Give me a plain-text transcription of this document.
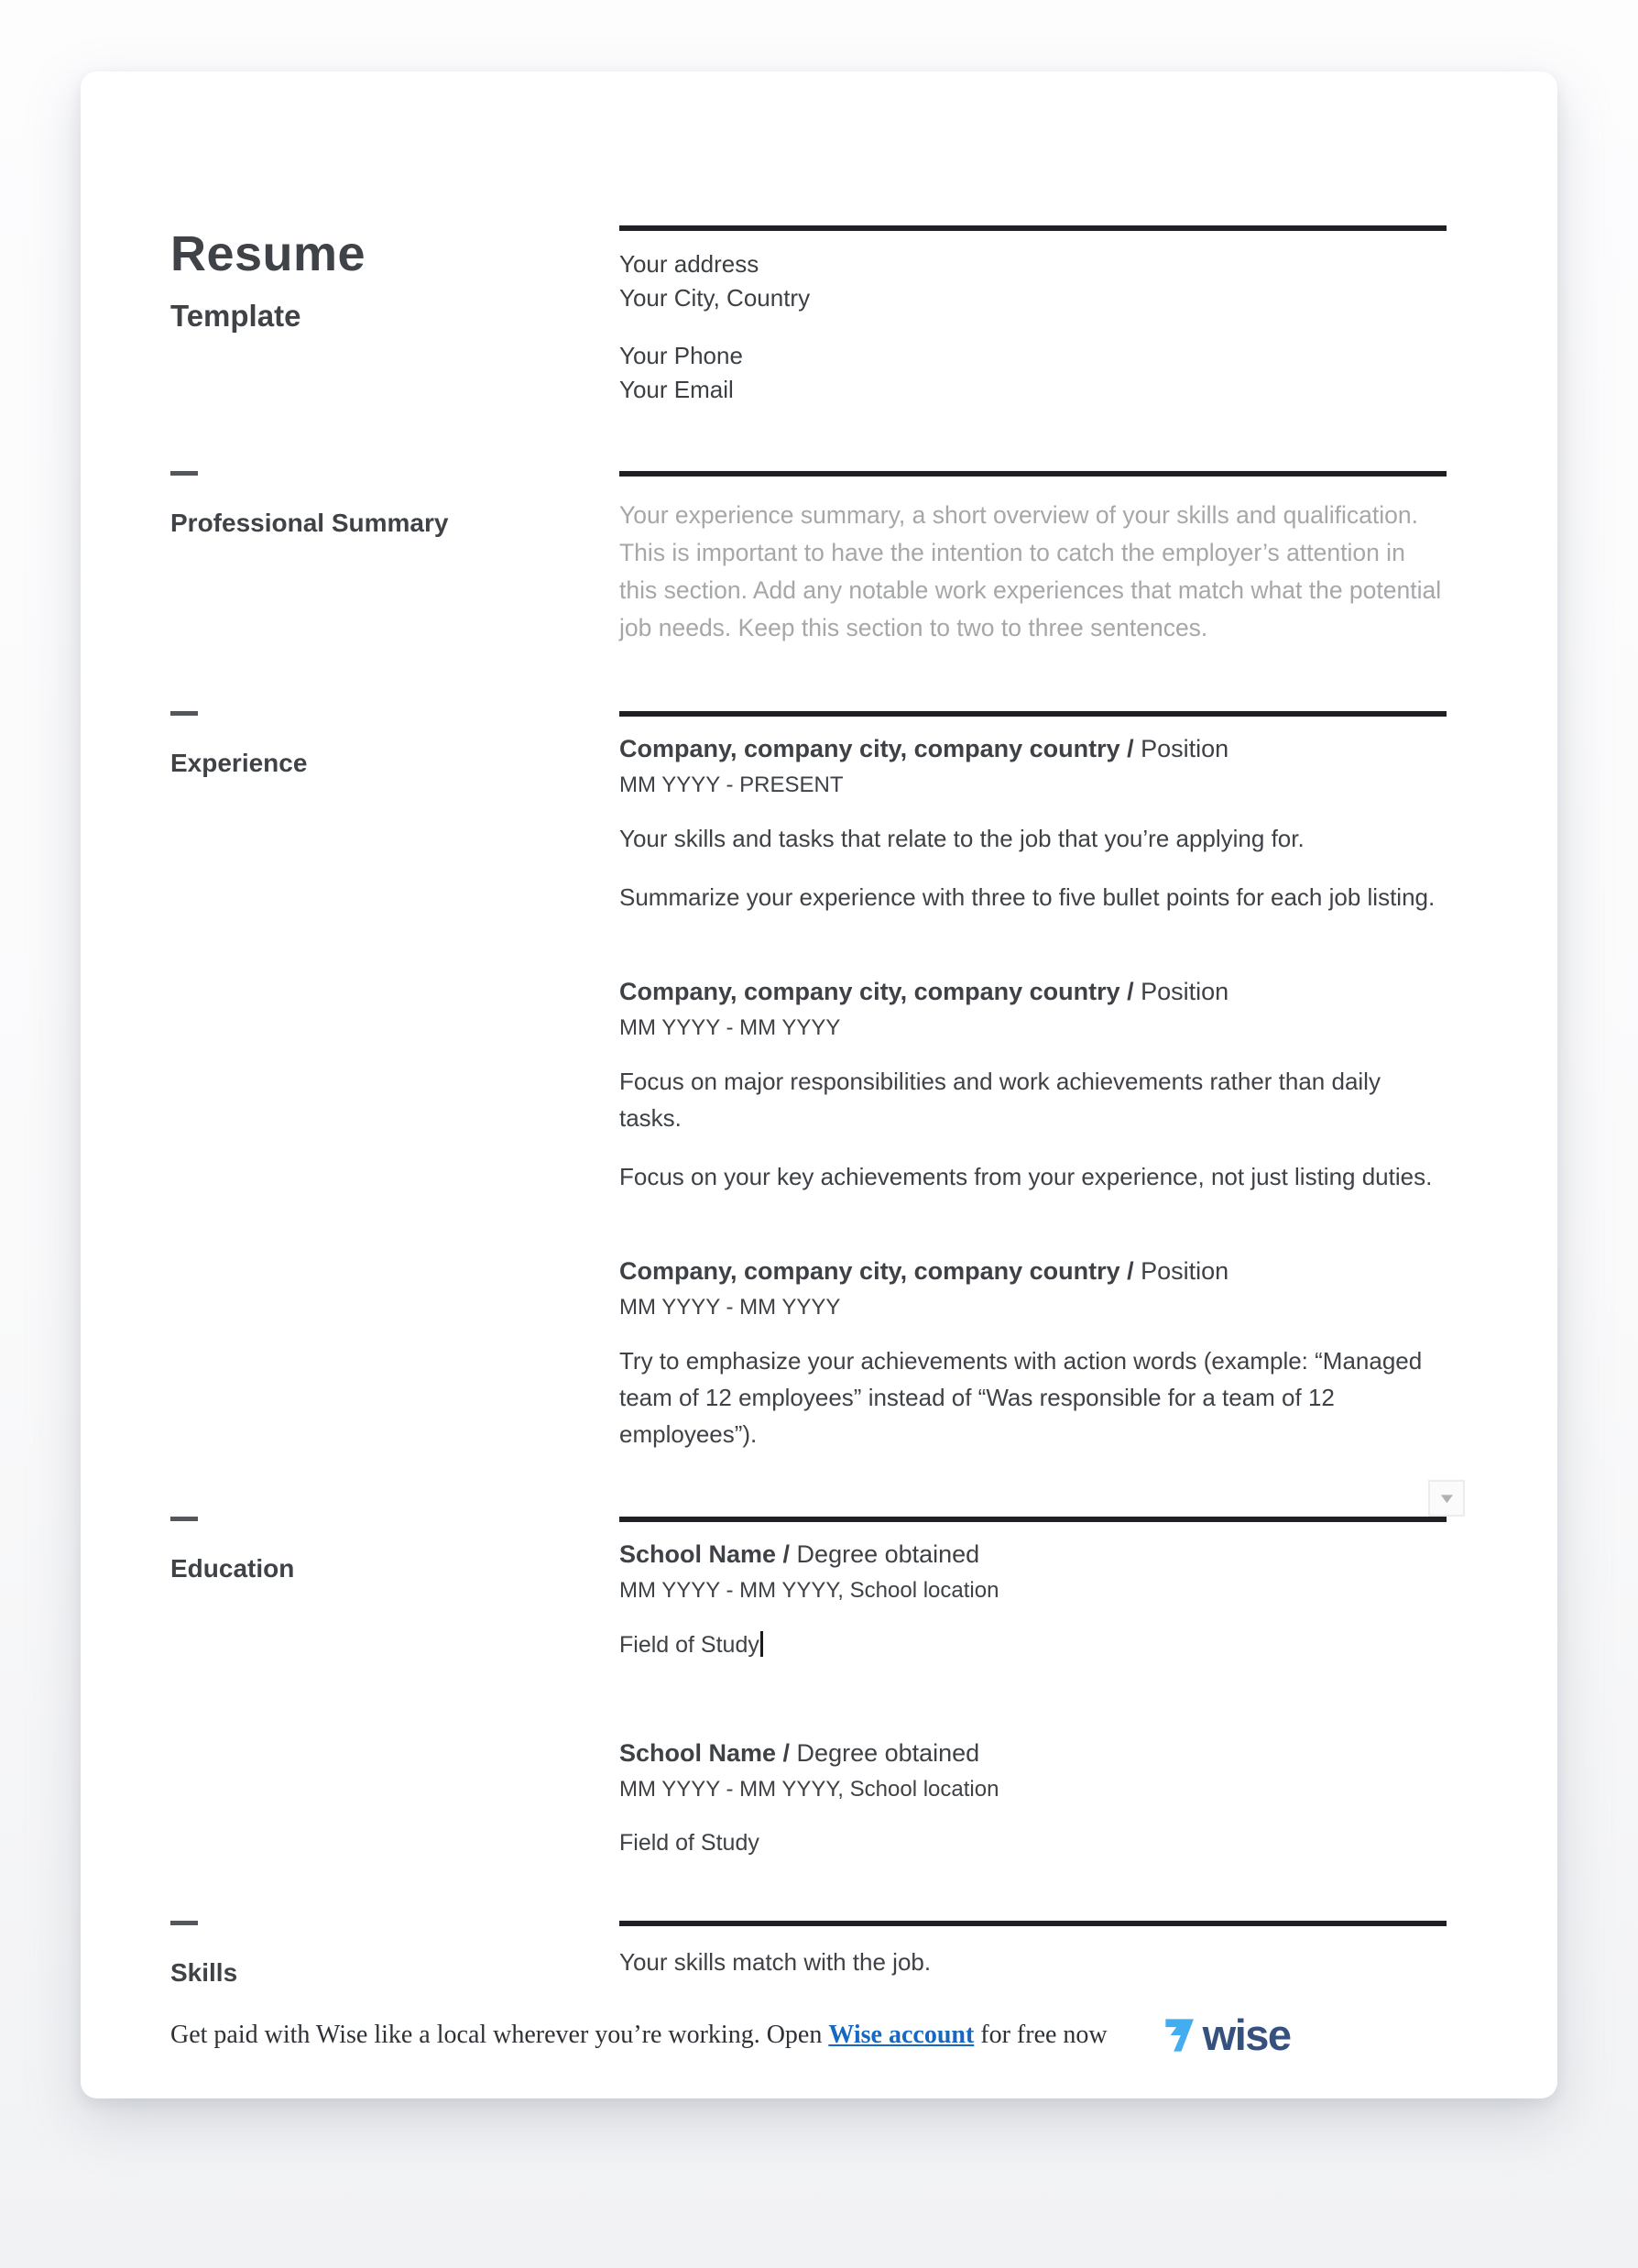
Resume
Template
Your address
Your City, Country
Your Phone
Your Email
Professional Summary	Your experience summary, a short overview of your skills and qualification. This is important to have the intention to catch the employer’s attention in this section. Add any notable work experiences that match what the potential job needs. Keep this section to two to three sentences.
Experience	Company, company city, company country / Position
MM YYYY - PRESENT

Your skills and tasks that relate to the job that you’re applying for.

Summarize your experience with three to five bullet points for each job listing.

Company, company city, company country / Position
MM YYYY - MM YYYY

Focus on major responsibilities and work achievements rather than daily tasks.

Focus on your key achievements from your experience, not just listing duties.

Company, company city, company country / Position
MM YYYY - MM YYYY

Try to emphasize your achievements with action words (example: “Managed team of 12 employees” instead of “Was responsible for a team of 12 employees”).

Education
▼
School Name / Degree obtained
MM YYYY - MM YYYY, School location
Field of Study
School Name / Degree obtained
MM YYYY - MM YYYY, School location
Field of Study
Skills	Your skills match with the job.
Get paid with Wise like a local wherever you’re working. Open Wise account for free now wise
